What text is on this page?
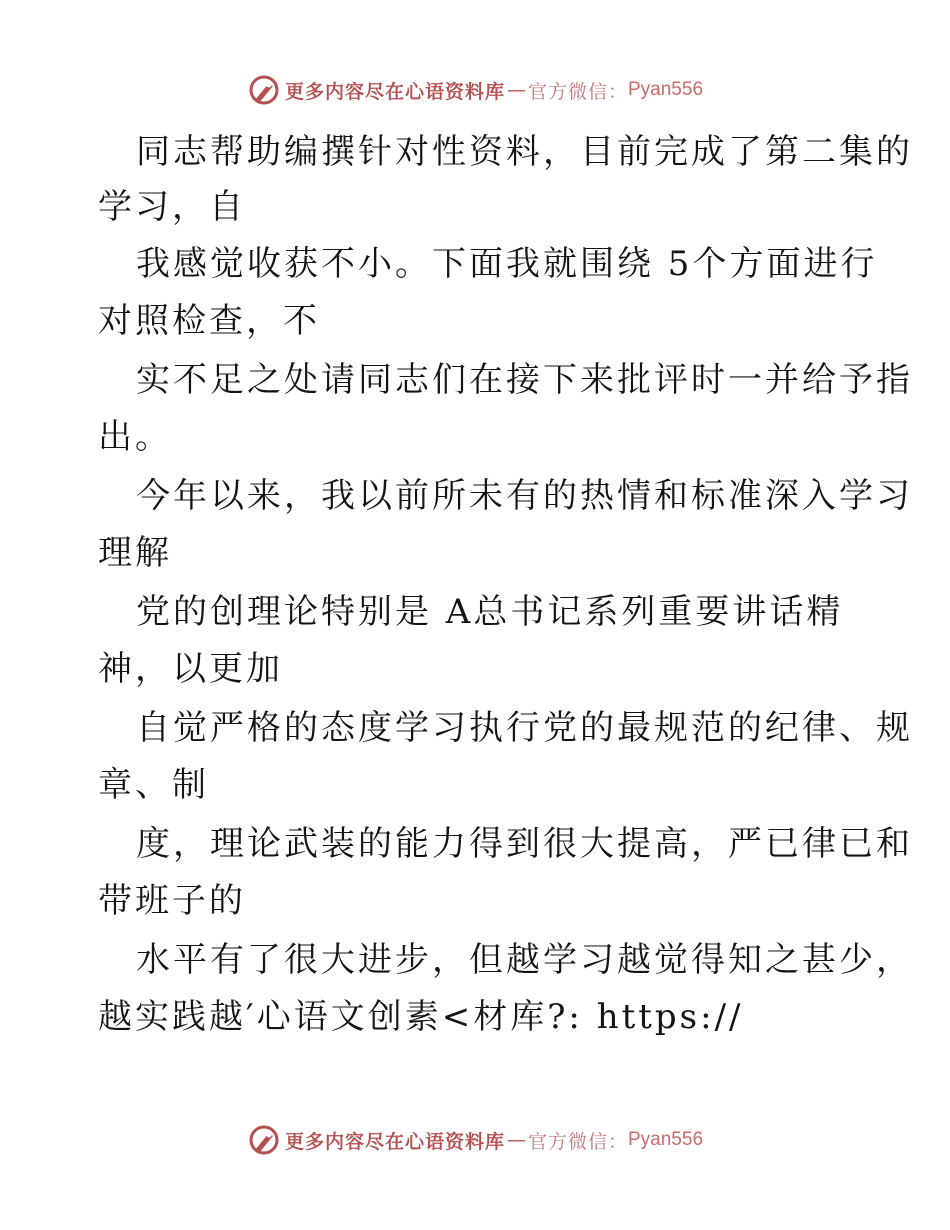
更多内容尽在心语资料库 — 官方微信： Pyan556
同志帮助编撰针对性资料，目前完成了第二集的
学习，自
我感觉收获不小。下面我就围绕 5个方面进行
对照检查，不
实不足之处请同志们在接下来批评时一并给予指
出。
今年以来，我以前所未有的热情和标准深入学习
理解
党的创理论特别是 A总书记系列重要讲话精
神，以更加
自觉严格的态度学习执行党的最规范的纪律、规
章、制
度，理论武装的能力得到很大提高，严已律已和
带班子的
水平有了很大进步，但越学习越觉得知之甚少，
越实践越′心语文创素<材库?: https://
更多内容尽在心语资料库 — 官方微信： Pyan556
